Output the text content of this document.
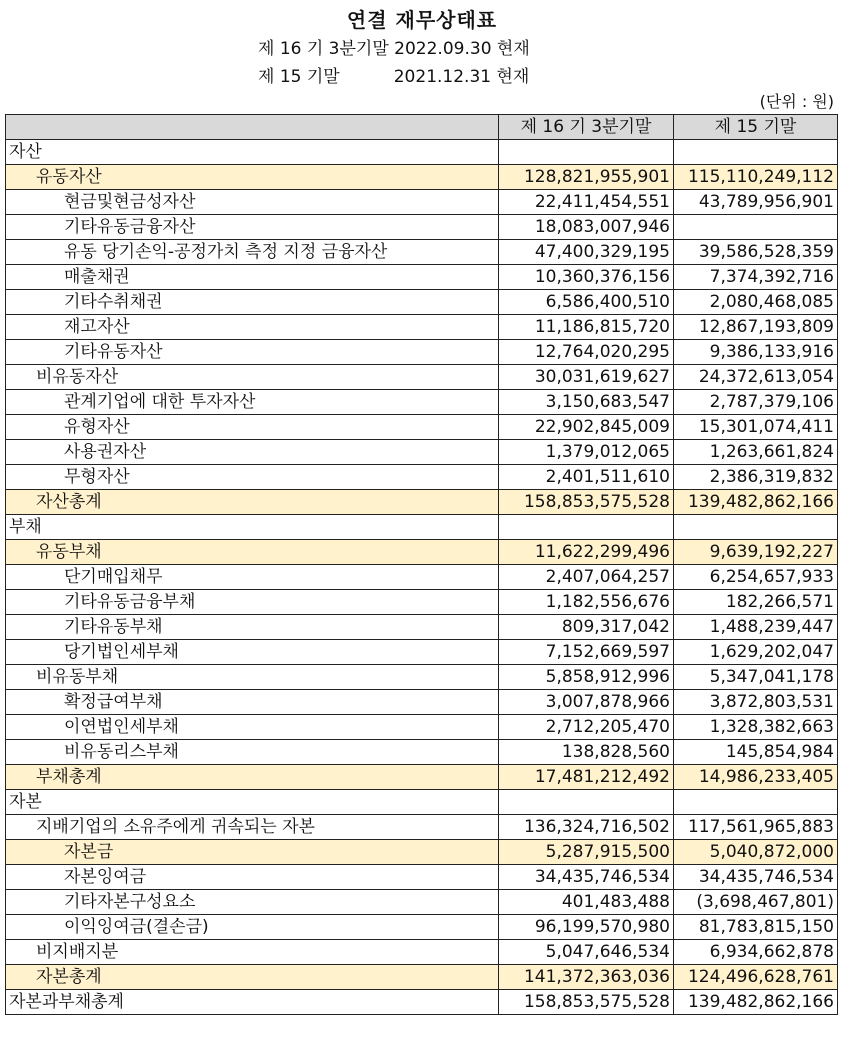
연결 재무상태표
제 16 기 3분기말 2022.09.30 현재
제 15 기말          2021.12.31 현재
(단위 : 원)
	제 16 기 3분기말	제 15 기말
자산		
유동자산	128,821,955,901	115,110,249,112
현금및현금성자산	22,411,454,551	43,789,956,901
기타유동금융자산	18,083,007,946	
유동 당기손익-공정가치 측정 지정 금융자산	47,400,329,195	39,586,528,359
매출채권	10,360,376,156	7,374,392,716
기타수취채권	6,586,400,510	2,080,468,085
재고자산	11,186,815,720	12,867,193,809
기타유동자산	12,764,020,295	9,386,133,916
비유동자산	30,031,619,627	24,372,613,054
관계기업에 대한 투자자산	3,150,683,547	2,787,379,106
유형자산	22,902,845,009	15,301,074,411
사용권자산	1,379,012,065	1,263,661,824
무형자산	2,401,511,610	2,386,319,832
자산총계	158,853,575,528	139,482,862,166
부채		
유동부채	11,622,299,496	9,639,192,227
단기매입채무	2,407,064,257	6,254,657,933
기타유동금융부채	1,182,556,676	182,266,571
기타유동부채	809,317,042	1,488,239,447
당기법인세부채	7,152,669,597	1,629,202,047
비유동부채	5,858,912,996	5,347,041,178
확정급여부채	3,007,878,966	3,872,803,531
이연법인세부채	2,712,205,470	1,328,382,663
비유동리스부채	138,828,560	145,854,984
부채총계	17,481,212,492	14,986,233,405
자본		
지배기업의 소유주에게 귀속되는 자본	136,324,716,502	117,561,965,883
자본금	5,287,915,500	5,040,872,000
자본잉여금	34,435,746,534	34,435,746,534
기타자본구성요소	401,483,488	(3,698,467,801)
이익잉여금(결손금)	96,199,570,980	81,783,815,150
비지배지분	5,047,646,534	6,934,662,878
자본총계	141,372,363,036	124,496,628,761
자본과부채총계	158,853,575,528	139,482,862,166
